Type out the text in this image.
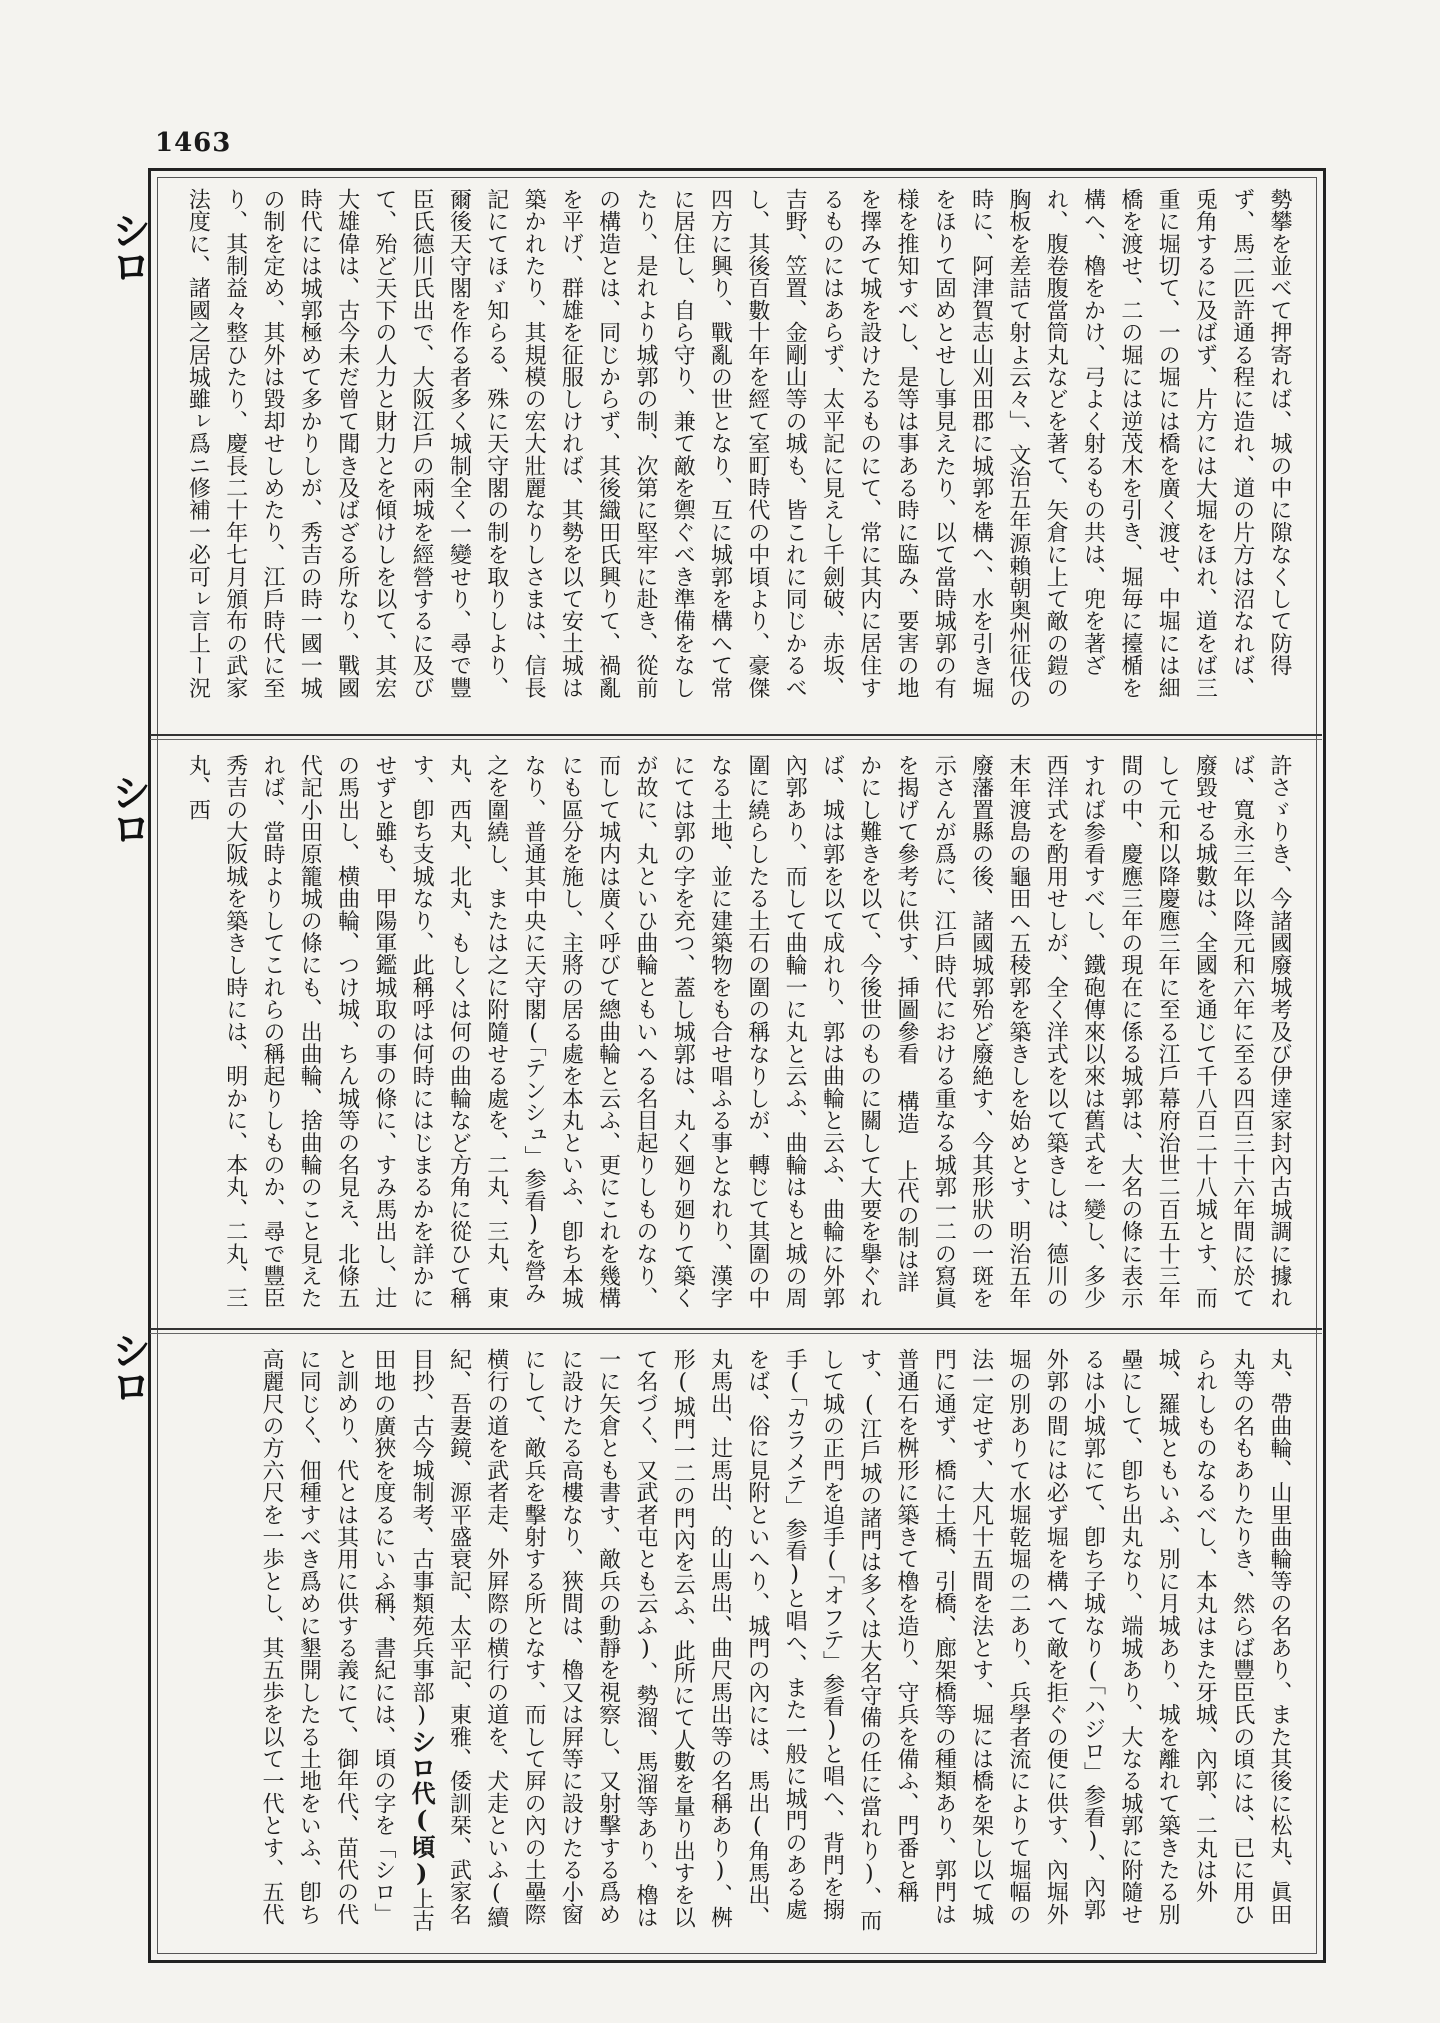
1463
シロ
シロ
シロ
勢攀を並べて押寄れば、城の中に隙なくして防得ず、馬二匹許通る程に造れ、道の片方は沼なれば、兎角するに及ばず、片方には大堀をほれ、道をば三重に堀切て、一の堀には橋を廣く渡せ、中堀には細橋を渡せ、二の堀には逆茂木を引き、堀毎に擡楯を構へ、櫓をかけ、弓よく射るもの共は、兜を著ざれ、腹卷腹當筒丸などを著て、矢倉に上て敵の鎧の胸板を差詰て射よ云々」、文治五年源賴朝奥州征伐の時に、阿津賀志山刈田郡に城郭を構へ、水を引き堀をほりて固めとせし事見えたり、以て當時城郭の有様を推知すべし、是等は事ある時に臨み、要害の地を擇みて城を設けたるものにて、常に其内に居住するものにはあらず、太平記に見えし千劍破、赤坂、吉野、笠置、金剛山等の城も、皆これに同じかるべし、其後百數十年を經て室町時代の中頃より、豪傑四方に興り、戰亂の世となり、互に城郭を構へて常に居住し、自ら守り、兼て敵を禦ぐべき準備をなしたり、是れより城郭の制、次第に堅牢に赴き、從前の構造とは、同じからず、其後織田氏興りて、禍亂を平げ、群雄を征服しければ、其勢を以て安土城は築かれたり、其規模の宏大壯麗なりしさまは、信長記にてほゞ知らる、殊に天守閣の制を取りしより、爾後天守閣を作る者多く城制全く一變せり、尋で豐臣氏德川氏出で、大阪江戶の兩城を經營するに及びて、殆ど天下の人力と財力とを傾けしを以て、其宏大雄偉は、古今未だ曾て聞き及ばざる所なり、戰國時代には城郭極めて多かりしが、秀吉の時一國一城の制を定め、其外は毀却せしめたり、江戶時代に至り、其制益々整ひたり、慶長二十年七月頒布の武家法度に、諸國之居城雖ㇾ爲ニ修補一必可ㇾ言上ー況
許さゞりき、今諸國廢城考及び伊達家封內古城調に據れば、寬永三年以降元和六年に至る四百三十六年間に於て廢毀せる城數は、全國を通じて千八百二十八城とす、而して元和以降慶應三年に至る江戶幕府治世二百五十三年間の中、慶應三年の現在に係る城郭は、大名の條に表示すれば参看すべし、鐵砲傳來以來は舊式を一變し、多少西洋式を酌用せしが、全く洋式を以て築きしは、德川の末年渡島の龜田へ五稜郭を築きしを始めとす、明治五年廢藩置縣の後、諸國城郭殆ど廢絶す、今其形狀の一斑を示さんが爲に、江戶時代における重なる城郭一二の寫眞を揭げて參考に供す、挿圖參看 構造 上代の制は詳かにし難きを以て、今後世のものに關して大要を擧ぐれば、城は郭を以て成れり、郭は曲輪と云ふ、曲輪に外郭內郭あり、而して曲輪一に丸と云ふ、曲輪はもと城の周圍に繞らしたる土石の圍の稱なりしが、轉じて其圍の中なる土地、並に建築物をも合せ唱ふる事となれり、漢字にては郭の字を充つ、蓋し城郭は、丸く廻り廻りて築くが故に、丸といひ曲輪ともいへる名目起りしものなり、而して城内は廣く呼びて總曲輪と云ふ、更にこれを幾構にも區分を施し、主將の居る處を本丸といふ、卽ち本城なり、普通其中央に天守閣(「テンシュ」参看)を營み之を圍繞し、または之に附隨せる處を、二丸、三丸、東丸、西丸、北丸、もしくは何の曲輪など方角に從ひて稱す、卽ち支城なり、此稱呼は何時にはじまるかを詳かにせずと雖も、甲陽軍鑑城取の事の條に、すみ馬出し、辻の馬出し、横曲輪、つけ城、ちん城等の名見え、北條五代記小田原籠城の條にも、出曲輪、捨曲輪のこと見えたれば、當時よりしてこれらの稱起りしものか、尋で豐臣秀吉の大阪城を築きし時には、明かに、本丸、二丸、三丸、西
丸、帶曲輪、山里曲輪等の名あり、また其後に松丸、眞田丸等の名もありたりき、然らば豐臣氏の頃には、已に用ひられしものなるべし、本丸はまた牙城、內郭、二丸は外城、羅城ともいふ、別に月城あり、城を離れて築きたる別壘にして、卽ち出丸なり、端城あり、大なる城郭に附隨せるは小城郭にて、卽ち子城なり(「ハジロ」参看)、內郭外郭の間には必ず堀を構へて敵を拒ぐの便に供す、內堀外堀の別ありて水堀乾堀の二あり、兵學者流によりて堀幅の法一定せず、大凡十五間を法とす、堀には橋を架し以て城門に通ず、橋に土橋、引橋、廊架橋等の種類あり、郭門は普通石を桝形に築きて櫓を造り、守兵を備ふ、門番と稱す、(江戶城の諸門は多くは大名守備の任に當れり)、而して城の正門を追手(「オフテ」参看)と唱へ、背門を搦手(「カラメテ」参看)と唱へ、また一般に城門のある處をば、俗に見附といへり、城門の內には、馬出(角馬出、丸馬出、辻馬出、的山馬出、曲尺馬出等の名稱あり)、桝形(城門一二の門內を云ふ、此所にて人數を量り出すを以て名づく、又武者屯とも云ふ)、勢溜、馬溜等あり、櫓は一に矢倉とも書す、敵兵の動靜を視察し、又射擊する爲めに設けたる高樓なり、狹間は、櫓又は屛等に設けたる小窗にして、敵兵を擊射する所となす、而して屛の內の土壘際横行の道を武者走、外屛際の横行の道を、犬走といふ(續紀、吾妻鏡、源平盛衰記、太平記、東雅、倭訓栞、武家名目抄、古今城制考、古事類苑兵事部)シロ代(頃)上古田地の廣狹を度るにいふ稱、書紀には、頃の字を「シロ」と訓めり、代とは其用に供する義にて、御年代、苗代の代に同じく、佃種すべき爲めに墾開したる土地をいふ、卽ち高麗尺の方六尺を一歩とし、其五歩を以て一代とす、五代
